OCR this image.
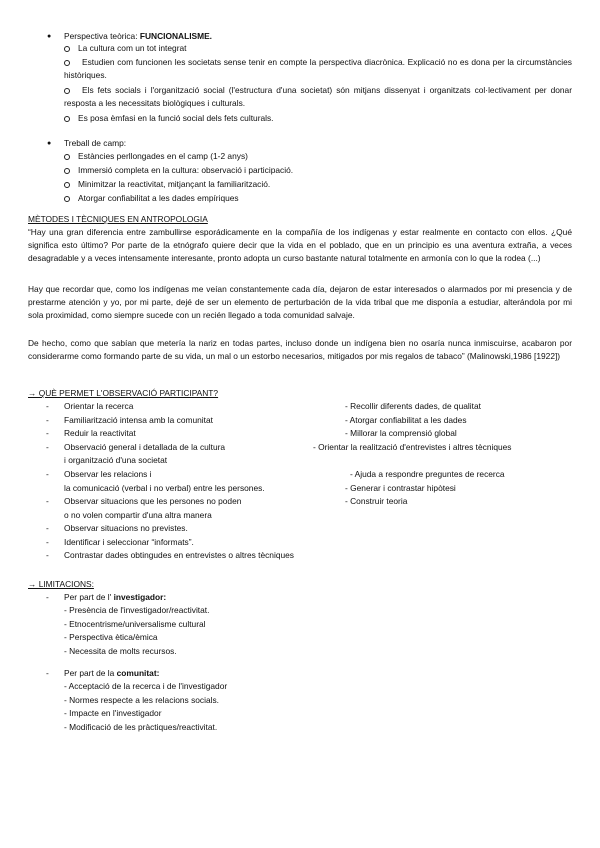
● Perspectiva teòrica: FUNCIONALISME.
La cultura com un tot integrat
Estudien com funcionen les societats sense tenir en compte la perspectiva diacrònica. Explicació no es dona per la circumstàncies històriques.
Els fets socials i l'organització social (l'estructura d'una societat) són mitjans dissenyat i organitzats col·lectivament per donar resposta a les necessitats biològiques i culturals.
Es posa èmfasi en la funció social dels fets culturals.
● Treball de camp:
Estàncies perllongades en el camp (1-2 anys)
Immersió completa en la cultura: observació i participació.
Minimitzar la reactivitat, mitjançant la familiarització.
Atorgar confiabilitat a les dades empíriques
MÈTODES I TÈCNIQUES EN ANTROPOLOGIA
“Hay una gran diferencia entre zambullirse esporádicamente en la compañía de los indígenas y estar realmente en contacto con ellos. ¿Qué significa esto último? Por parte de la etnógrafo quiere decir que la vida en el poblado, que en un principio es una aventura extraña, a veces desagradable y a veces intensamente interesante, pronto adopta un curso bastante natural totalmente en armonía con lo que la rodea (...)
Hay que recordar que, como los indígenas me veían constantemente cada día, dejaron de estar interesados o alarmados por mi presencia y de prestarme atención y yo, por mi parte, dejé de ser un elemento de perturbación de la vida tribal que me disponía a estudiar, alterándola por mi sola proximidad, como siempre sucede con un recién llegado a toda comunidad salvaje.
De hecho, como que sabían que metería la nariz en todas partes, incluso donde un indígena bien no osaría nunca inmiscuirse, acabaron por considerarme como formando parte de su vida, un mal o un estorbo necesarios, mitigados por mis regalos de tabaco” (Malinowski,1986 [1922])
→ QUÈ PERMET L'OBSERVACIÓ PARTICIPANT?
- Orientar la recerca
- Familiarització intensa amb la comunitat
- Reduir la reactivitat
- Observació general i detallada de la cultura
i organització d'una societat
- Observar les relacions i
la comunicació (verbal i no verbal) entre les persones.
- Observar situacions que les persones no poden
o no volen compartir d'una altra manera
- Observar situacions no previstes.
- Identificar i seleccionar “informats”.
- Contrastar dades obtingudes en entrevistes o altres tècniques
- Recollir diferents dades, de qualitat
- Atorgar confiabilitat a les dades
- Millorar la comprensió global
- Orientar la realització d'entrevistes i altres tècniques
- Ajuda a respondre preguntes de recerca
- Generar i contrastar hipòtesi
- Construir teoria
→ LIMITACIONS:
- Per part de l' investigador:
- Presència de l'investigador/reactivitat.
- Etnocentrisme/universalisme cultural
- Perspectiva ètica/èmica
- Necessita de molts recursos.
- Per part de la comunitat:
- Acceptació de la recerca i de l'investigador
- Normes respecte a les relacions socials.
- Impacte en l'investigador
- Modificació de les pràctiques/reactivitat.
